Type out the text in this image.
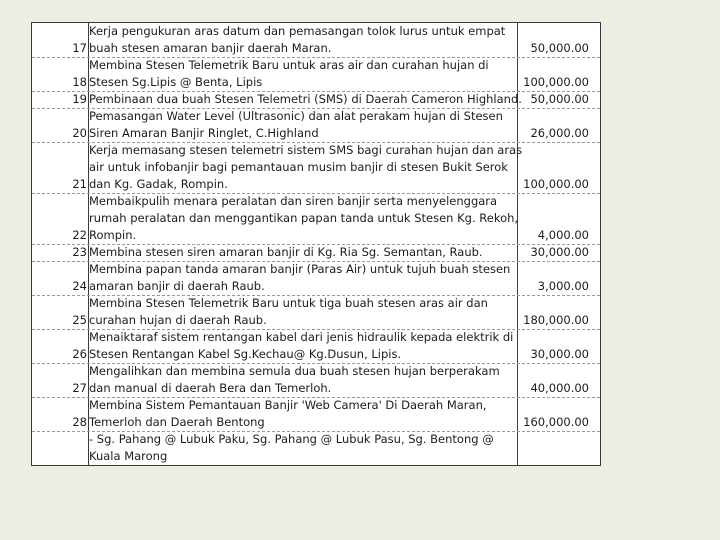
Kerja pengukuran aras datum dan pemasangan tolok lurus untuk empat
buah stesen amaran banjir daerah Maran.
17	50,000.00
Membina Stesen Telemetrik Baru untuk aras air dan curahan hujan di
Stesen Sg.Lipis @ Benta, Lipis
18	100,000.00
Pembinaan dua buah Stesen Telemetri (SMS) di Daerah Cameron Highland.
19	50,000.00
Pemasangan Water Level (Ultrasonic) dan alat perakam hujan di Stesen
Siren Amaran Banjir Ringlet, C.Highland
20	26,000.00
Kerja memasang stesen telemetri sistem SMS bagi curahan hujan dan aras
air untuk infobanjir bagi pemantauan musim banjir di stesen Bukit Serok
dan Kg. Gadak, Rompin.
21	100,000.00
Membaikpulih menara peralatan dan siren banjir serta menyelenggara
rumah peralatan dan menggantikan papan tanda untuk Stesen Kg. Rekoh,
Rompin.
22	4,000.00
Membina stesen siren amaran banjir di Kg. Ria Sg. Semantan, Raub.
23	30,000.00
Membina papan tanda amaran banjir (Paras Air) untuk tujuh buah stesen
amaran banjir di daerah Raub.
24	3,000.00
Membina Stesen Telemetrik Baru untuk tiga buah stesen aras air dan
curahan hujan di daerah Raub.
25	180,000.00
Menaiktaraf sistem rentangan kabel dari jenis hidraulik kepada elektrik di
Stesen Rentangan Kabel Sg.Kechau@ Kg.Dusun, Lipis.
26	30,000.00
Mengalihkan dan membina semula dua buah stesen hujan berperakam
dan manual di daerah Bera dan Temerloh.
27	40,000.00
Membina Sistem Pemantauan Banjir 'Web Camera' Di Daerah Maran,
Temerloh dan Daerah Bentong
28	160,000.00
- Sg. Pahang @ Lubuk Paku, Sg. Pahang @ Lubuk Pasu, Sg. Bentong @
Kuala Marong
